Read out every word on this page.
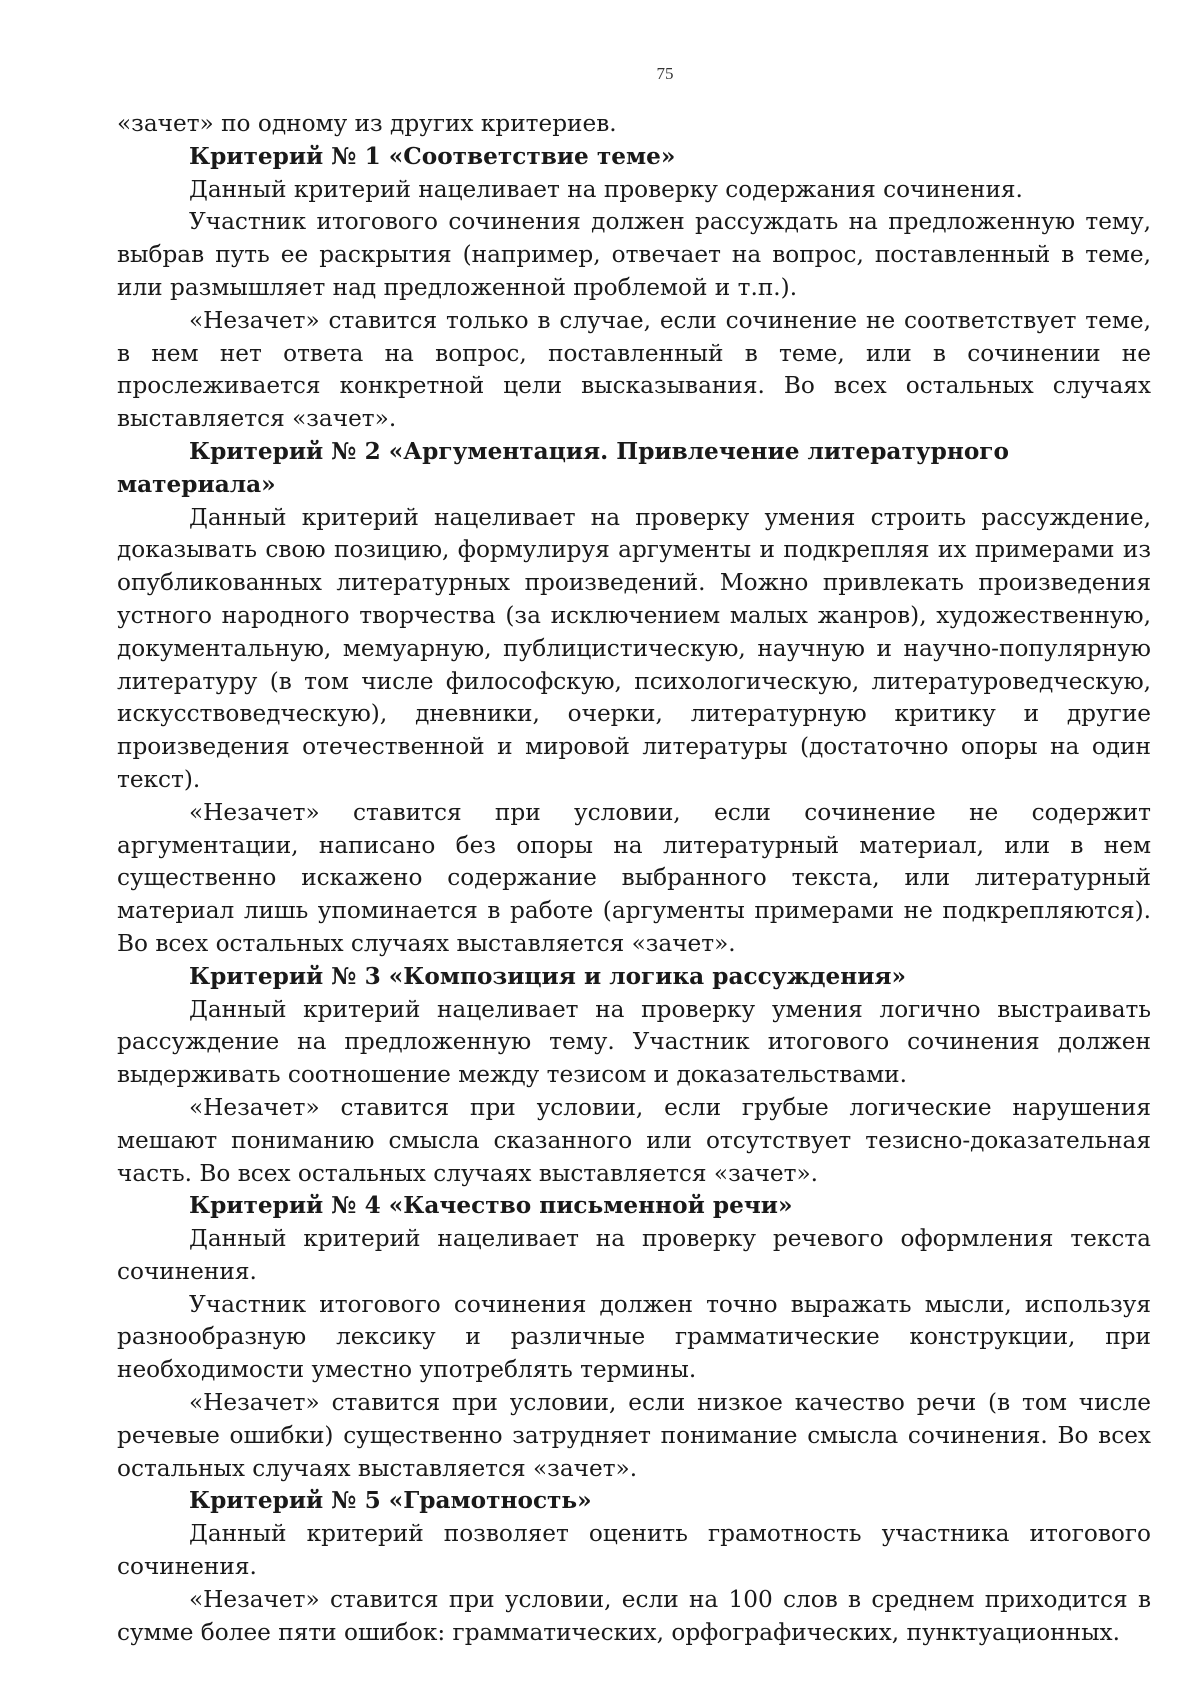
75

«зачет» по одному из других критериев.

Критерий № 1 «Соответствие теме»

Данный критерий нацеливает на проверку содержания сочинения.

Участник итогового сочинения должен рассуждать на предложенную тему, выбрав путь ее раскрытия (например, отвечает на вопрос, поставленный в теме, или размышляет над предложенной проблемой и т.п.).

«Незачет» ставится только в случае, если сочинение не соответствует теме, в нем нет ответа на вопрос, поставленный в теме, или в сочинении не прослеживается конкретной цели высказывания. Во всех остальных случаях выставляется «зачет».

Критерий № 2 «Аргументация. Привлечение литературного материала»

Данный критерий нацеливает на проверку умения строить рассуждение, доказывать свою позицию, формулируя аргументы и подкрепляя их примерами из опубликованных литературных произведений. Можно привлекать произведения устного народного творчества (за исключением малых жанров), художественную, документальную, мемуарную, публицистическую, научную и научно-популярную литературу (в том числе философскую, психологическую, литературоведческую, искусствоведческую), дневники, очерки, литературную критику и другие произведения отечественной и мировой литературы (достаточно опоры на один текст).

«Незачет» ставится при условии, если сочинение не содержит аргументации, написано без опоры на литературный материал, или в нем существенно искажено содержание выбранного текста, или литературный материал лишь упоминается в работе (аргументы примерами не подкрепляются). Во всех остальных случаях выставляется «зачет».

Критерий № 3 «Композиция и логика рассуждения»

Данный критерий нацеливает на проверку умения логично выстраивать рассуждение на предложенную тему. Участник итогового сочинения должен выдерживать соотношение между тезисом и доказательствами.

«Незачет» ставится при условии, если грубые логические нарушения мешают пониманию смысла сказанного или отсутствует тезисно-доказательная часть. Во всех остальных случаях выставляется «зачет».

Критерий № 4 «Качество письменной речи»

Данный критерий нацеливает на проверку речевого оформления текста сочинения.

Участник итогового сочинения должен точно выражать мысли, используя разнообразную лексику и различные грамматические конструкции, при необходимости уместно употреблять термины.

«Незачет» ставится при условии, если низкое качество речи (в том числе речевые ошибки) существенно затрудняет понимание смысла сочинения. Во всех остальных случаях выставляется «зачет».

Критерий № 5 «Грамотность»

Данный критерий позволяет оценить грамотность участника итогового сочинения.

«Незачет» ставится при условии, если на 100 слов в среднем приходится в сумме более пяти ошибок: грамматических, орфографических, пунктуационных.
